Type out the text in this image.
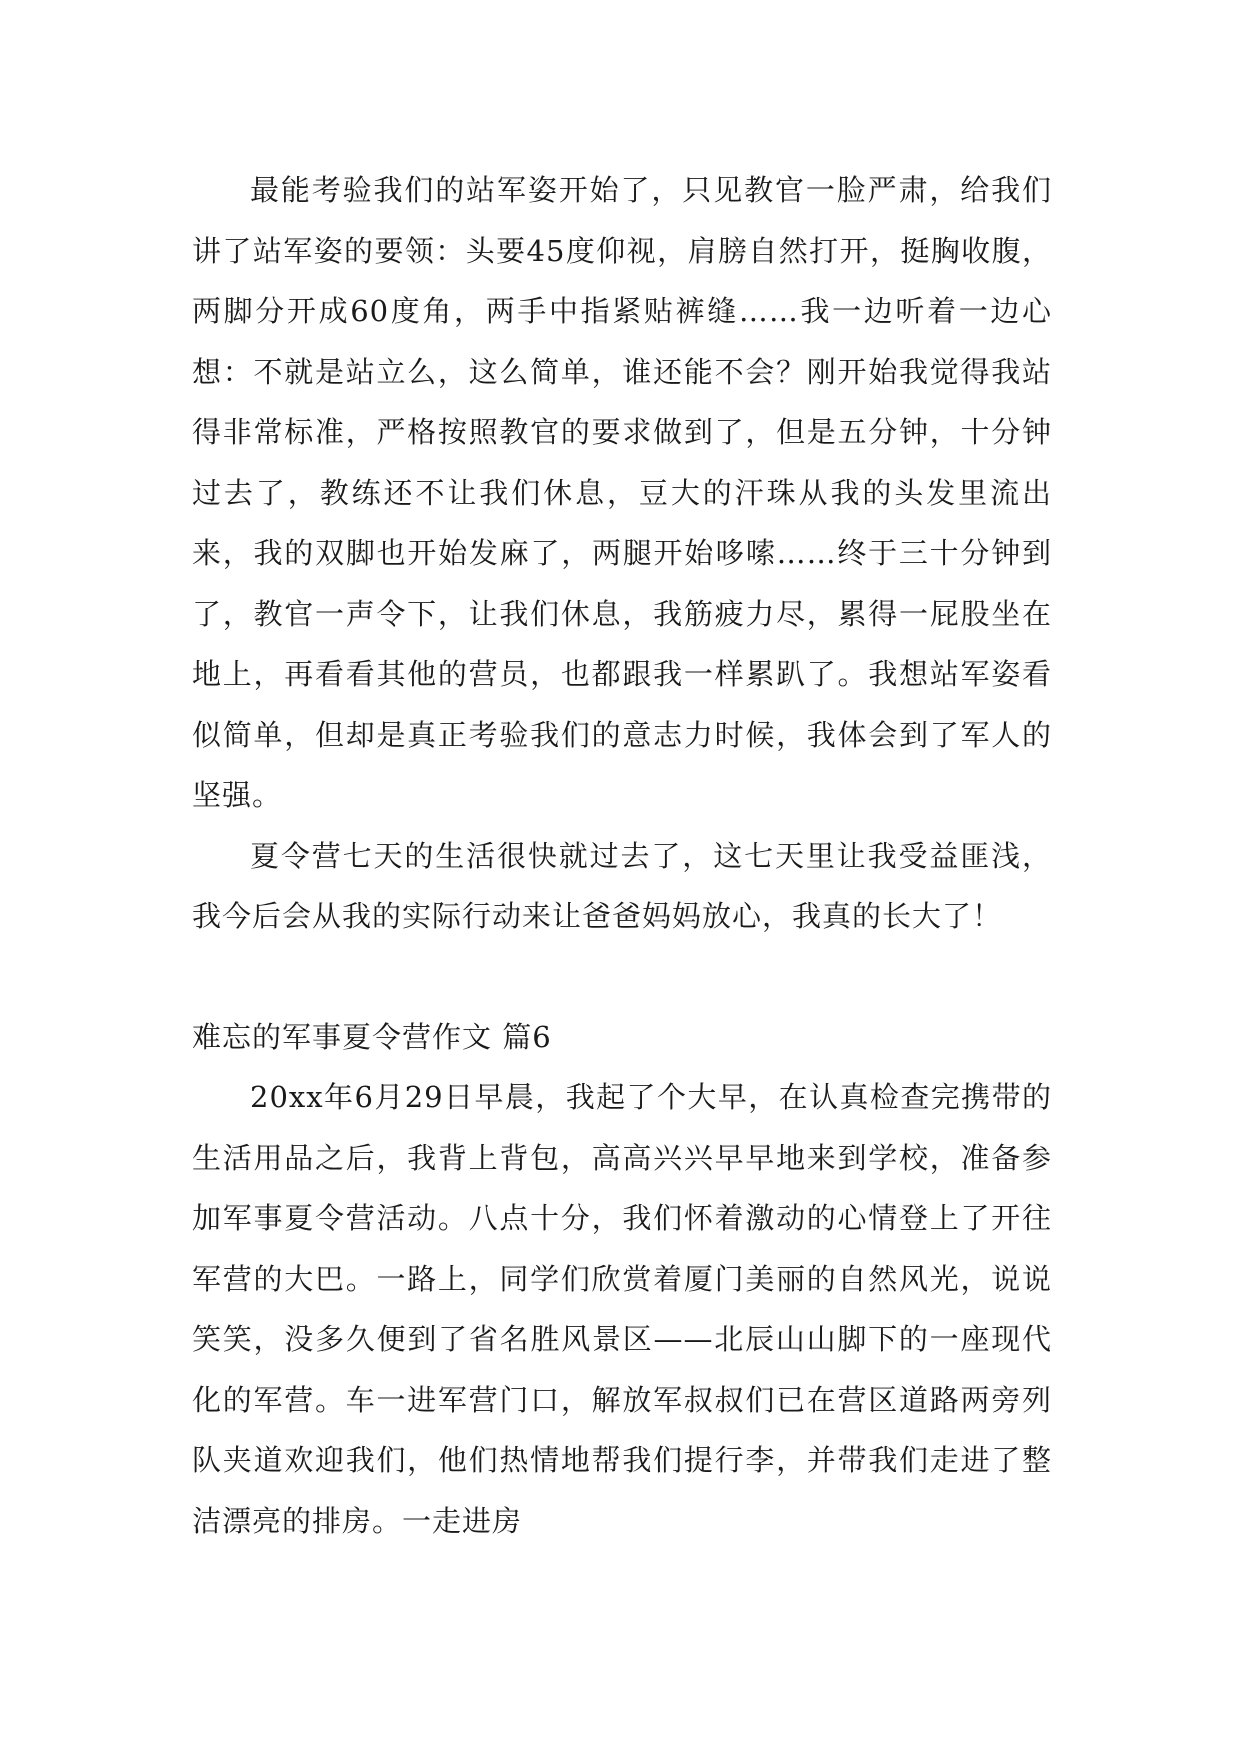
最能考验我们的站军姿开始了，只见教官一脸严肃，给我们讲了站军姿的要领：头要45度仰视，肩膀自然打开，挺胸收腹，两脚分开成60度角，两手中指紧贴裤缝……我一边听着一边心想：不就是站立么，这么简单，谁还能不会？刚开始我觉得我站得非常标准，严格按照教官的要求做到了，但是五分钟，十分钟过去了，教练还不让我们休息，豆大的汗珠从我的头发里流出来，我的双脚也开始发麻了，两腿开始哆嗦……终于三十分钟到了，教官一声令下，让我们休息，我筋疲力尽，累得一屁股坐在地上，再看看其他的营员，也都跟我一样累趴了。我想站军姿看似简单，但却是真正考验我们的意志力时候，我体会到了军人的坚强。

夏令营七天的生活很快就过去了，这七天里让我受益匪浅，我今后会从我的实际行动来让爸爸妈妈放心，我真的长大了！

难忘的军事夏令营作文 篇6

20xx年6月29日早晨，我起了个大早，在认真检查完携带的生活用品之后，我背上背包，高高兴兴早早地来到学校，准备参加军事夏令营活动。八点十分，我们怀着激动的心情登上了开往军营的大巴。一路上，同学们欣赏着厦门美丽的自然风光，说说笑笑，没多久便到了省名胜风景区——北辰山山脚下的一座现代化的军营。车一进军营门口，解放军叔叔们已在营区道路两旁列队夹道欢迎我们，他们热情地帮我们提行李，并带我们走进了整洁漂亮的排房。一走进房
